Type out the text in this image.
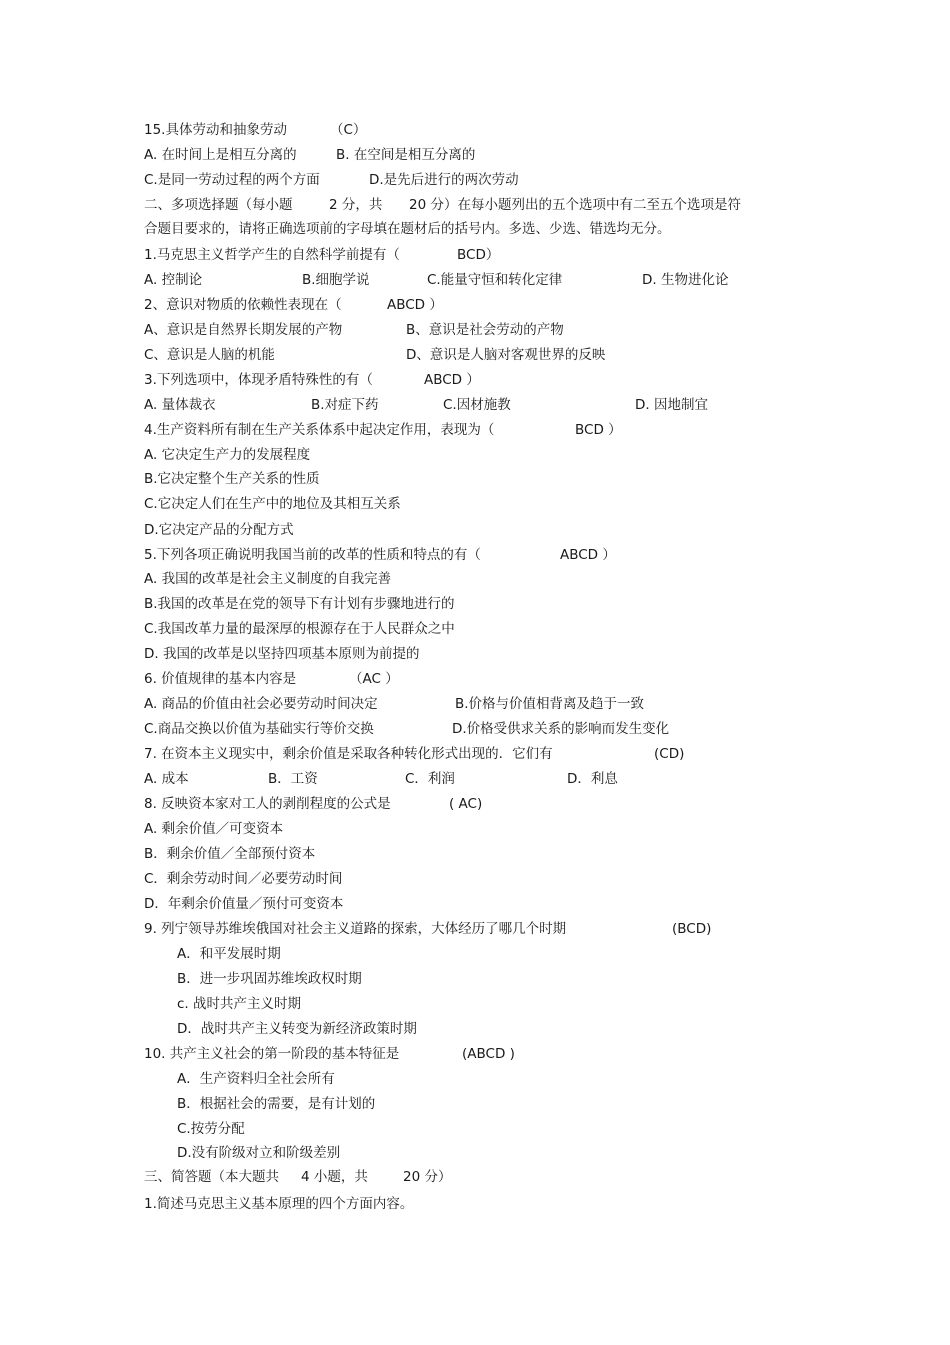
15.具体劳动和抽象劳动	（C）
A. 在时间上是相互分离的	B. 在空间是相互分离的
C.是同一劳动过程的两个方面	D.是先后进行的两次劳动
二、多项选择题（每小题	2 分，共 20 分）在每小题列出的五个选项中有二至五个选项是符
合题目要求的，请将正确选项前的字母填在题材后的括号内。多选、少选、错选均无分。
1.马克思主义哲学产生的自然科学前提有（	BCD）
A. 控制论	B.细胞学说	C.能量守恒和转化定律	D. 生物进化论
2、意识对物质的依赖性表现在（	ABCD ）
A、意识是自然界长期发展的产物	B、意识是社会劳动的产物
C、意识是人脑的机能	D、意识是人脑对客观世界的反映
3.下列选项中，体现矛盾特殊性的有（	ABCD ）
A. 量体裁衣	B.对症下药	C.因材施教	D. 因地制宜
4.生产资料所有制在生产关系体系中起决定作用，表现为（	BCD ）
A. 它决定生产力的发展程度
B.它决定整个生产关系的性质
C.它决定人们在生产中的地位及其相互关系
D.它决定产品的分配方式
5.下列各项正确说明我国当前的改革的性质和特点的有（	ABCD ）
A. 我国的改革是社会主义制度的自我完善
B.我国的改革是在党的领导下有计划有步骤地进行的
C.我国改革力量的最深厚的根源存在于人民群众之中
D. 我国的改革是以坚持四项基本原则为前提的
6. 价值规律的基本内容是	（AC ）
A. 商品的价值由社会必要劳动时间决定	B.价格与价值相背离及趋于一致
C.商品交换以价值为基础实行等价交换	D.价格受供求关系的影响而发生变化
7. 在资本主义现实中，剩余价值是采取各种转化形式出现的．它们有	(CD)
A. 成本	B．工资	C．利润	D．利息
8. 反映资本家对工人的剥削程度的公式是	( AC)
A. 剩余价值／可变资本
B．剩余价值／全部预付资本
C．剩余劳动时间／必要劳动时间
D．年剩余价值量／预付可变资本
9. 列宁领导苏维埃俄国对社会主义道路的探索，大体经历了哪几个时期	(BCD)
A．和平发展时期
B．进一步巩固苏维埃政权时期
c. 战时共产主义时期
D．战时共产主义转变为新经济政策时期
10. 共产主义社会的第一阶段的基本特征是	(ABCD )
A．生产资料归全社会所有
B．根据社会的需要，是有计划的
C.按劳分配
D.没有阶级对立和阶级差别
三、简答题（本大题共 4 小题，共	20 分）
1.简述马克思主义基本原理的四个方面内容。
